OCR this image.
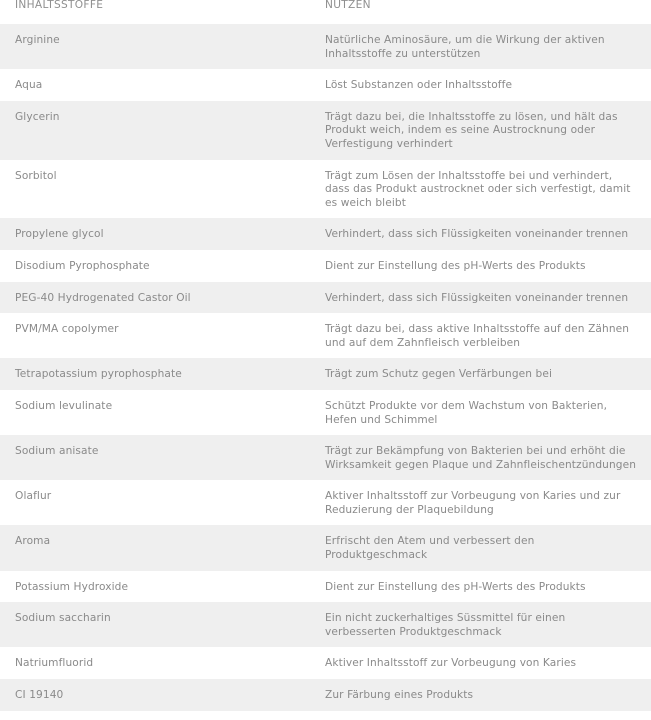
INHALTSSTOFFE	NUTZEN
Arginine	Natürliche Aminosäure, um die Wirkung der aktiven Inhaltsstoffe zu unterstützen
Aqua	Löst Substanzen oder Inhaltsstoffe
Glycerin	Trägt dazu bei, die Inhaltsstoffe zu lösen, und hält das Produkt weich, indem es seine Austrocknung oder Verfestigung verhindert
Sorbitol	Trägt zum Lösen der Inhaltsstoffe bei und verhindert, dass das Produkt austrocknet oder sich verfestigt, damit es weich bleibt
Propylene glycol	Verhindert, dass sich Flüssigkeiten voneinander trennen
Disodium Pyrophosphate	Dient zur Einstellung des pH-Werts des Produkts
PEG-40 Hydrogenated Castor Oil	Verhindert, dass sich Flüssigkeiten voneinander trennen
PVM/MA copolymer	Trägt dazu bei, dass aktive Inhaltsstoffe auf den Zähnen und auf dem Zahnfleisch verbleiben
Tetrapotassium pyrophosphate	Trägt zum Schutz gegen Verfärbungen bei
Sodium levulinate	Schützt Produkte vor dem Wachstum von Bakterien, Hefen und Schimmel
Sodium anisate	Trägt zur Bekämpfung von Bakterien bei und erhöht die Wirksamkeit gegen Plaque und Zahnfleischentzündungen
Olaflur	Aktiver Inhaltsstoff zur Vorbeugung von Karies und zur Reduzierung der Plaquebildung
Aroma	Erfrischt den Atem und verbessert den Produktgeschmack
Potassium Hydroxide	Dient zur Einstellung des pH-Werts des Produkts
Sodium saccharin	Ein nicht zuckerhaltiges Süssmittel für einen verbesserten Produktgeschmack
Natriumfluorid	Aktiver Inhaltsstoff zur Vorbeugung von Karies
CI 19140	Zur Färbung eines Produkts
